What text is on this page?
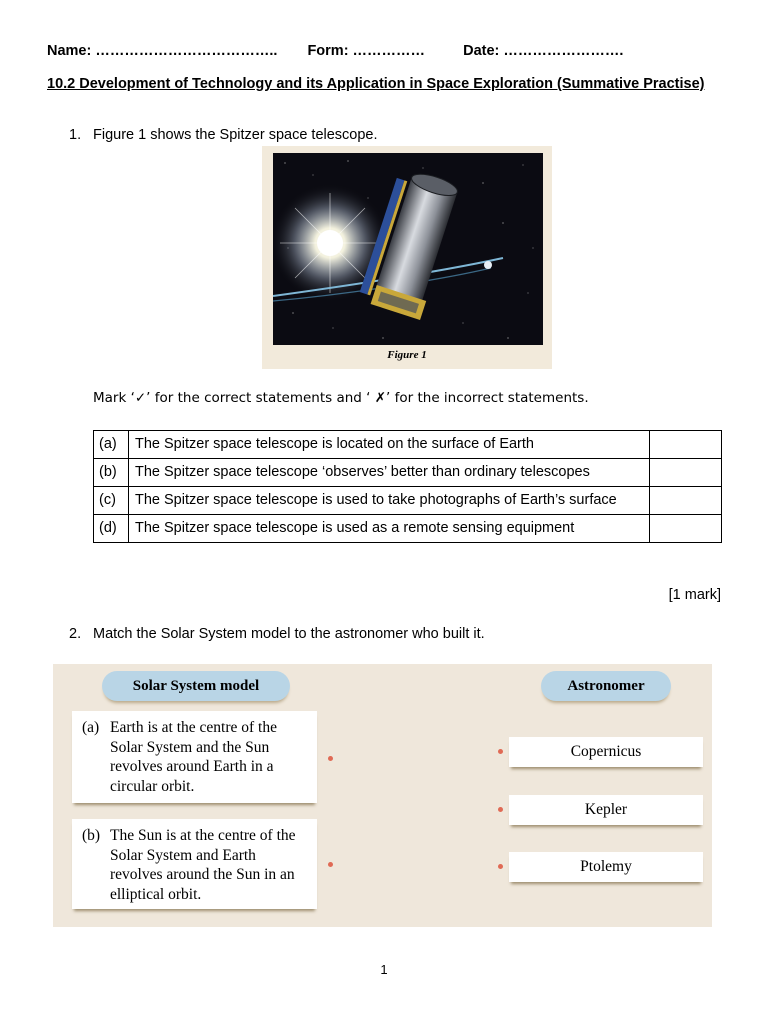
Name: ……………………………….. Form: ……………	Date: …………………….
10.2 Development of Technology and its Application in Space Exploration (Summative Practise)
1. Figure 1 shows the Spitzer space telescope.
Figure 1
Mark ‘✓’ for the correct statements and ‘ ✗’ for the incorrect statements.
(a)	The Spitzer space telescope is located on the surface of Earth	
(b)	The Spitzer space telescope ‘observes’ better than ordinary telescopes	
(c)	The Spitzer space telescope is used to take photographs of Earth’s surface	
(d)	The Spitzer space telescope is used as a remote sensing equipment	
[1 mark]
2. Match the Solar System model to the astronomer who built it.
Solar System model	Astronomer
(a) Earth is at the centre of the Solar System and the Sun revolves around Earth in a circular orbit.
(b) The Sun is at the centre of the Solar System and Earth revolves around the Sun in an elliptical orbit.
Copernicus
Kepler
Ptolemy
1
